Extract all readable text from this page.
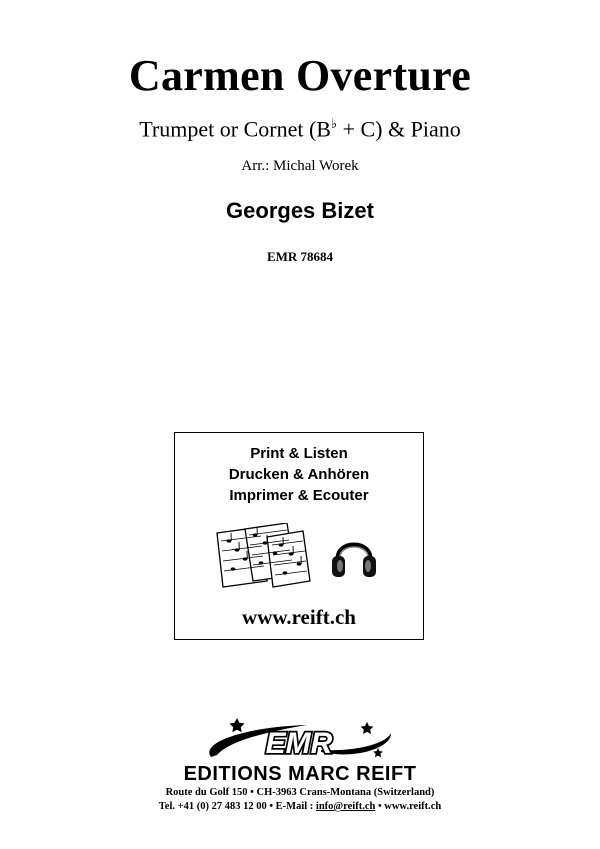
Carmen Overture
Trumpet or Cornet (B♭ + C) & Piano
Arr.: Michal Worek
Georges Bizet
EMR 78684
Print & Listen
Drucken & Anhören
Imprimer & Ecouter
www.reift.ch
EMR
EDITIONS MARC REIFT
Route du Golf 150 • CH-3963 Crans-Montana (Switzerland)
Tel. +41 (0) 27 483 12 00 • E-Mail : info@reift.ch • www.reift.ch
